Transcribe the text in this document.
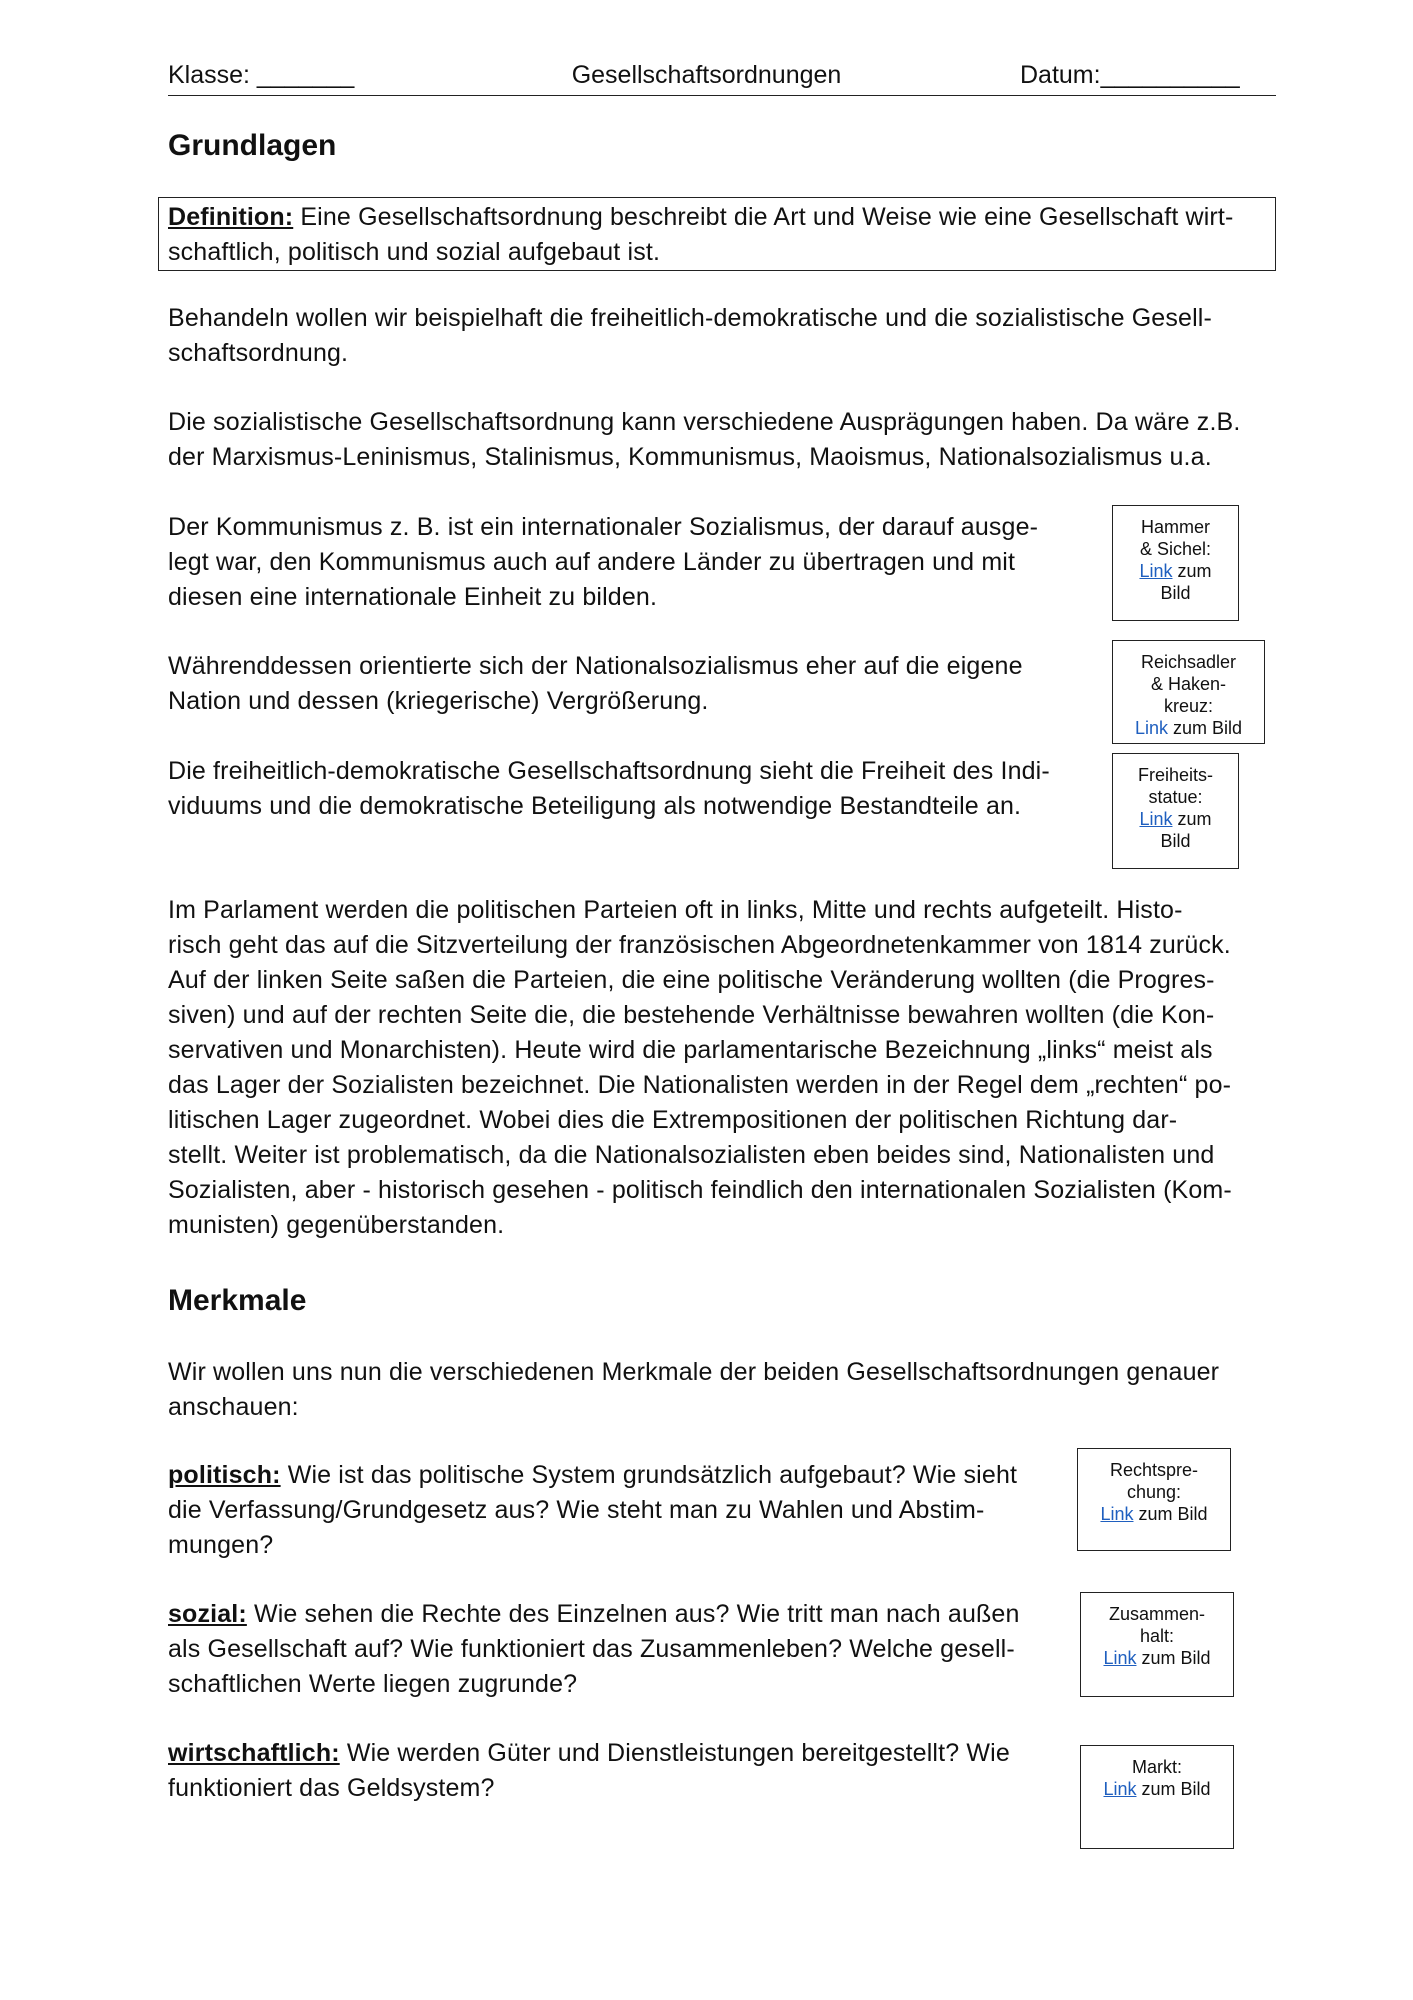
Klasse: _______	Gesellschaftsordnungen	Datum:__________
Grundlagen
Definition: Eine Gesellschaftsordnung beschreibt die Art und Weise wie eine Gesellschaft wirt-
schaftlich, politisch und sozial aufgebaut ist.
Behandeln wollen wir beispielhaft die freiheitlich-demokratische und die sozialistische Gesell-
schaftsordnung.
Die sozialistische Gesellschaftsordnung kann verschiedene Ausprägungen haben. Da wäre z.B.
der Marxismus-Leninismus, Stalinismus, Kommunismus, Maoismus, Nationalsozialismus u.a.
Der Kommunismus z. B. ist ein internationaler Sozialismus, der darauf ausge-
legt war, den Kommunismus auch auf andere Länder zu übertragen und mit
diesen eine internationale Einheit zu bilden.
Währenddessen orientierte sich der Nationalsozialismus eher auf die eigene
Nation und dessen (kriegerische) Vergrößerung.
Die freiheitlich-demokratische Gesellschaftsordnung sieht die Freiheit des Indi-
viduums und die demokratische Beteiligung als notwendige Bestandteile an.
Im Parlament werden die politischen Parteien oft in links, Mitte und rechts aufgeteilt. Histo-
risch geht das auf die Sitzverteilung der französischen Abgeordnetenkammer von 1814 zurück.
Auf der linken Seite saßen die Parteien, die eine politische Veränderung wollten (die Progres-
siven) und auf der rechten Seite die, die bestehende Verhältnisse bewahren wollten (die Kon-
servativen und Monarchisten). Heute wird die parlamentarische Bezeichnung „links“ meist als
das Lager der Sozialisten bezeichnet. Die Nationalisten werden in der Regel dem „rechten“ po-
litischen Lager zugeordnet. Wobei dies die Extrempositionen der politischen Richtung dar-
stellt. Weiter ist problematisch, da die Nationalsozialisten eben beides sind, Nationalisten und
Sozialisten, aber - historisch gesehen - politisch feindlich den internationalen Sozialisten (Kom-
munisten) gegenüberstanden.
Merkmale
Wir wollen uns nun die verschiedenen Merkmale der beiden Gesellschaftsordnungen genauer
anschauen:
politisch: Wie ist das politische System grundsätzlich aufgebaut? Wie sieht
die Verfassung/Grundgesetz aus? Wie steht man zu Wahlen und Abstim-
mungen?
sozial: Wie sehen die Rechte des Einzelnen aus? Wie tritt man nach außen
als Gesellschaft auf? Wie funktioniert das Zusammenleben? Welche gesell-
schaftlichen Werte liegen zugrunde?
wirtschaftlich: Wie werden Güter und Dienstleistungen bereitgestellt? Wie
funktioniert das Geldsystem?
Hammer
& Sichel:
Link zum
Bild
Reichsadler
& Haken-
kreuz:
Link zum Bild
Freiheits-
statue:
Link zum
Bild
Rechtspre-
chung:
Link zum Bild
Zusammen-
halt:
Link zum Bild
Markt:
Link zum Bild
